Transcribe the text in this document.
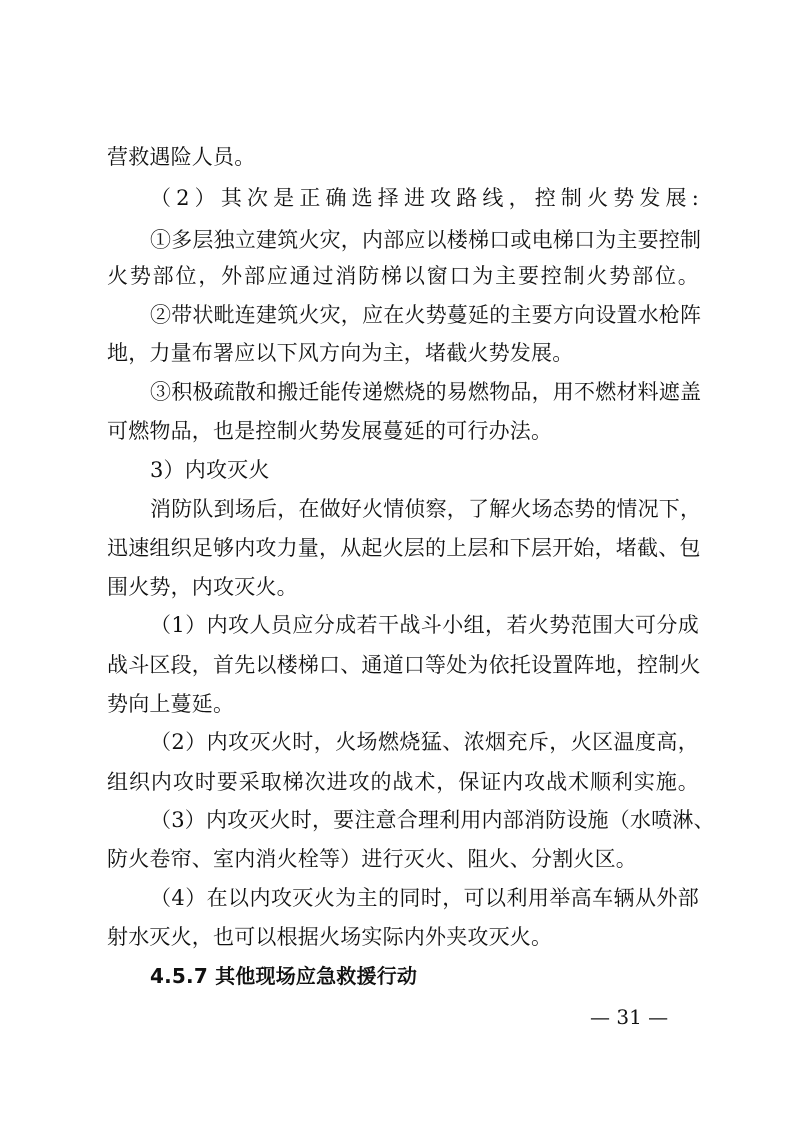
营救遇险人员。
（2）其次是正确选择进攻路线，控制火势发展:
①多层独立建筑火灾，内部应以楼梯口或电梯口为主要控制
火势部位，外部应通过消防梯以窗口为主要控制火势部位。
②带状毗连建筑火灾，应在火势蔓延的主要方向设置水枪阵
地，力量布署应以下风方向为主，堵截火势发展。
③积极疏散和搬迁能传递燃烧的易燃物品，用不燃材料遮盖
可燃物品，也是控制火势发展蔓延的可行办法。
3）内攻灭火
消防队到场后，在做好火情侦察，了解火场态势的情况下，
迅速组织足够内攻力量，从起火层的上层和下层开始，堵截、包
围火势，内攻灭火。
（1）内攻人员应分成若干战斗小组，若火势范围大可分成
战斗区段，首先以楼梯口、通道口等处为依托设置阵地，控制火
势向上蔓延。
（2）内攻灭火时，火场燃烧猛、浓烟充斥，火区温度高，
组织内攻时要采取梯次进攻的战术，保证内攻战术顺利实施。
（3）内攻灭火时，要注意合理利用内部消防设施（水喷淋、
防火卷帘、室内消火栓等）进行灭火、阻火、分割火区。
（4）在以内攻灭火为主的同时，可以利用举高车辆从外部
射水灭火，也可以根据火场实际内外夹攻灭火。
4.5.7 其他现场应急救援行动
— 31 —
